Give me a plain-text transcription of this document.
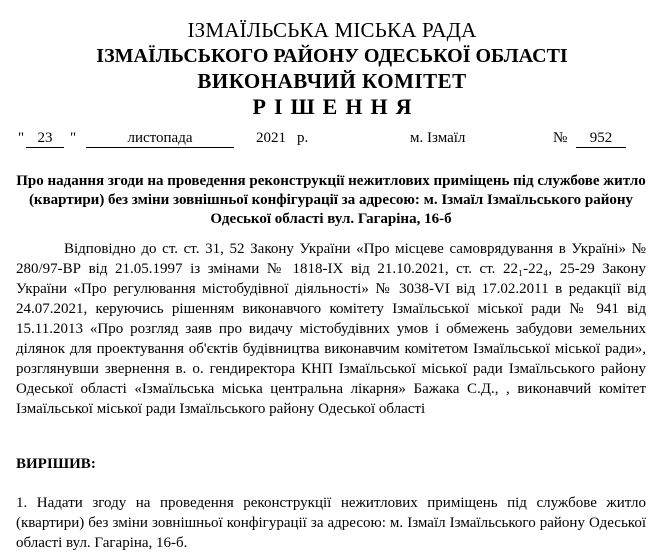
ІЗМАЇЛЬСЬКА МІСЬКА РАДА
ІЗМАЇЛЬСЬКОГО РАЙОНУ ОДЕСЬКОЇ ОБЛАСТІ
ВИКОНАВЧИЙ КОМІТЕТ
РІШЕННЯ
" 23	"	листопада	2021 р.	м. Ізмаїл	№	952
Про надання згоди на проведення реконструкції нежитлових приміщень під службове житло (квартири) без зміни зовнішньої конфігурації за адресою: м. Ізмаїл Ізмаїльського району Одеської області вул. Гагаріна, 16-б
Відповідно до ст. ст. 31, 52 Закону України «Про місцеве самоврядування в Україні» № 280/97-ВР від 21.05.1997 із змінами № 1818-IX від 21.10.2021, ст. ст. 22₁-22₄, 25-29 Закону України «Про регулювання містобудівної діяльності» № 3038-VI від 17.02.2011 в редакції від 24.07.2021, керуючись рішенням виконавчого комітету Ізмаїльської міської ради № 941 від 15.11.2013 «Про розгляд заяв про видачу містобудівних умов і обмежень забудови земельних ділянок для проектування об'єктів будівництва виконавчим комітетом Ізмаїльської міської ради», розглянувши звернення в. о. гендиректора КНП Ізмаїльської міської ради Ізмаїльського району Одеської області «Ізмаїльська міська центральна лікарня» Бажака С.Д., , виконавчий комітет Ізмаїльської міської ради Ізмаїльського району Одеської області
ВИРІШИВ:
1. Надати згоду на проведення реконструкції нежитлових приміщень під службове житло (квартири) без зміни зовнішньої конфігурації за адресою: м. Ізмаїл Ізмаїльського району Одеської області вул. Гагаріна, 16-б.
